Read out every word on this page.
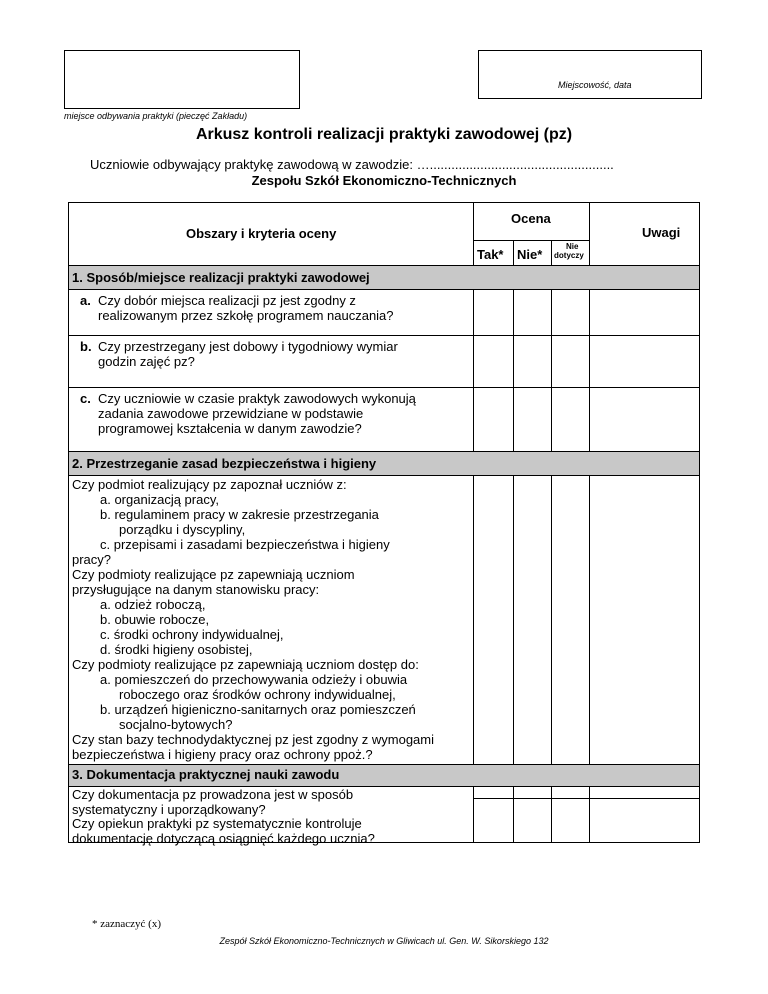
miejsce odbywania praktyki (pieczęć Zakładu)
Miejscowość, data
Arkusz kontroli realizacji praktyki zawodowej (pz)
Uczniowie odbywający praktykę zawodową w zawodzie: …...................................................
Zespołu Szkół Ekonomiczno-Technicznych
Obszary i kryteria oceny
Ocena
Tak* Nie*
Nie
dotyczy
Uwagi
1. Sposób/miejsce realizacji praktyki zawodowej
a. Czy dobór miejsca realizacji pz jest zgodny z
realizowanym przez szkołę programem nauczania?
b. Czy przestrzegany jest dobowy i tygodniowy wymiar
godzin zajęć pz?
c. Czy uczniowie w czasie praktyk zawodowych wykonują
zadania zawodowe przewidziane w podstawie
programowej kształcenia w danym zawodzie?
2. Przestrzeganie zasad bezpieczeństwa i higieny
Czy podmiot realizujący pz zapoznał uczniów z:
a. organizacją pracy,
b. regulaminem pracy w zakresie przestrzegania
porządku i dyscypliny,
c. przepisami i zasadami bezpieczeństwa i higieny
pracy?
Czy podmioty realizujące pz zapewniają uczniom
przysługujące na danym stanowisku pracy:
a. odzież roboczą,
b. obuwie robocze,
c. środki ochrony indywidualnej,
d. środki higieny osobistej,
Czy podmioty realizujące pz zapewniają uczniom dostęp do:
a. pomieszczeń do przechowywania odzieży i obuwia
roboczego oraz środków ochrony indywidualnej,
b. urządzeń higieniczno-sanitarnych oraz pomieszczeń
socjalno-bytowych?
Czy stan bazy technodydaktycznej pz jest zgodny z wymogami
bezpieczeństwa i higieny pracy oraz ochrony ppoż.?
3. Dokumentacja praktycznej nauki zawodu
Czy dokumentacja pz prowadzona jest w sposób
systematyczny i uporządkowany?
Czy opiekun praktyki pz systematycznie kontroluje
dokumentację dotyczącą osiągnięć każdego ucznia?
* zaznaczyć (x)
Zespół Szkół Ekonomiczno-Technicznych w Gliwicach ul. Gen. W. Sikorskiego 132
